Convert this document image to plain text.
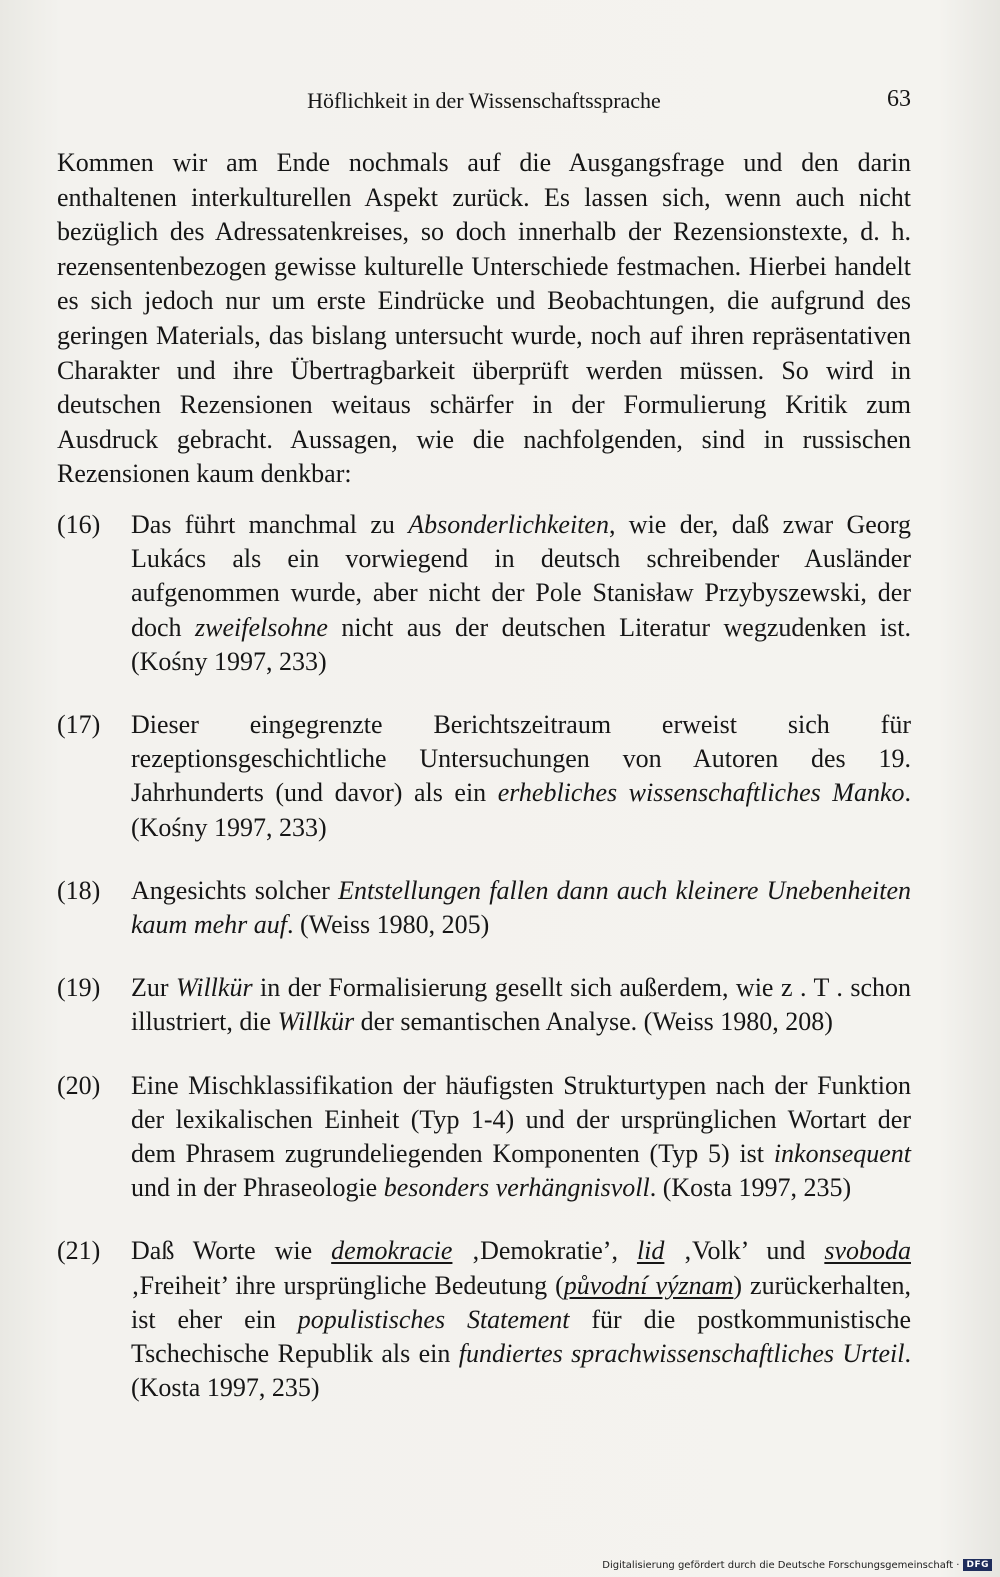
Höflichkeit in der Wissenschaftssprache	63

Kommen wir am Ende nochmals auf die Ausgangsfrage und den darin enthaltenen interkulturellen Aspekt zurück. Es lassen sich, wenn auch nicht bezüglich des Adressatenkreises, so doch innerhalb der Rezensionstexte, d. h. rezensentenbezogen gewisse kulturelle Unterschiede festmachen. Hierbei handelt es sich jedoch nur um erste Eindrücke und Beobachtungen, die aufgrund des geringen Materials, das bislang untersucht wurde, noch auf ihren repräsentativen Charakter und ihre Übertragbarkeit überprüft werden müssen. So wird in deutschen Rezensionen weitaus schärfer in der Formulierung Kritik zum Ausdruck gebracht. Aussagen, wie die nachfolgenden, sind in russischen Rezensionen kaum denkbar:

(16)	Das führt manchmal zu Absonderlichkeiten, wie der, daß zwar Georg Lukács als ein vorwiegend in deutsch schreibender Ausländer aufgenommen wurde, aber nicht der Pole Stanisław Przybyszewski, der doch zweifelsohne nicht aus der deutschen Literatur wegzudenken ist. (Kośny 1997, 233)
(17)	Dieser eingegrenzte Berichtszeitraum erweist sich für rezeptionsgeschichtliche Untersuchungen von Autoren des 19. Jahrhunderts (und davor) als ein erhebliches wissenschaftliches Manko. (Kośny 1997, 233)
(18)	Angesichts solcher Entstellungen fallen dann auch kleinere Unebenheiten kaum mehr auf. (Weiss 1980, 205)
(19)	Zur Willkür in der Formalisierung gesellt sich außerdem, wie z . T . schon illustriert, die Willkür der semantischen Analyse. (Weiss 1980, 208)
(20)	Eine Mischklassifikation der häufigsten Strukturtypen nach der Funktion der lexikalischen Einheit (Typ 1-4) und der ursprünglichen Wortart der dem Phrasem zugrundeliegenden Komponenten (Typ 5) ist inkonsequent und in der Phraseologie besonders verhängnisvoll. (Kosta 1997, 235)
(21)	Daß Worte wie demokracie ‚Demokratie’, lid ‚Volk’ und svoboda ‚Freiheit’ ihre ursprüngliche Bedeutung (původní význam) zurückerhalten, ist eher ein populistisches Statement für die postkommunistische Tschechische Republik als ein fundiertes sprachwissenschaftliches Urteil. (Kosta 1997, 235)
Digitalisierung gefördert durch die Deutsche Forschungsgemeinschaft · DFG
